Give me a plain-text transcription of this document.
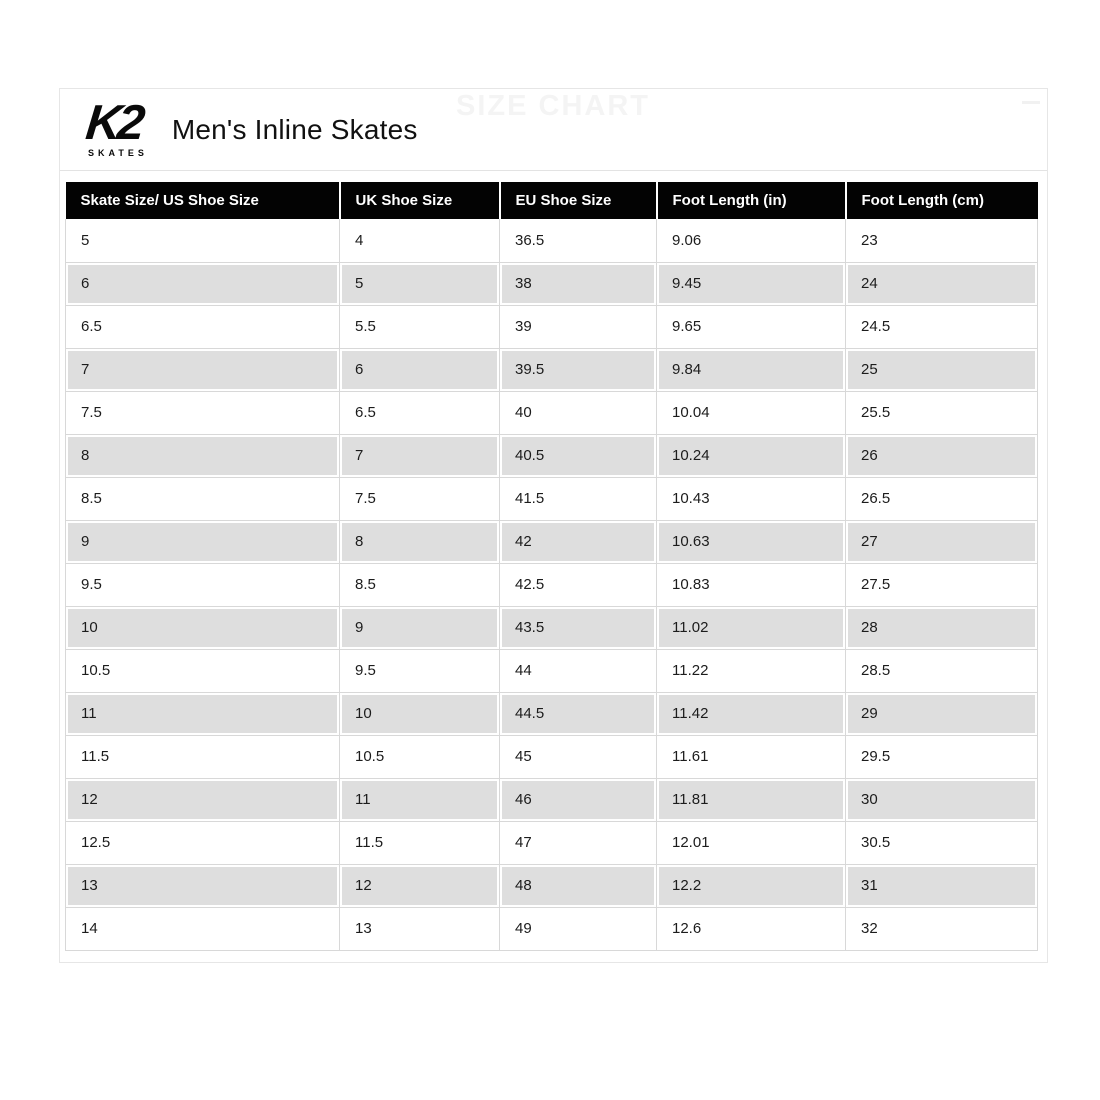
SIZE CHART
K2
SKATES
Men's Inline Skates
Skate Size/ US Shoe Size	UK Shoe Size	EU Shoe Size	Foot Length (in)	Foot Length (cm)
5	4	36.5	9.06	23
6	5	38	9.45	24
6.5	5.5	39	9.65	24.5
7	6	39.5	9.84	25
7.5	6.5	40	10.04	25.5
8	7	40.5	10.24	26
8.5	7.5	41.5	10.43	26.5
9	8	42	10.63	27
9.5	8.5	42.5	10.83	27.5
10	9	43.5	11.02	28
10.5	9.5	44	11.22	28.5
11	10	44.5	11.42	29
11.5	10.5	45	11.61	29.5
12	11	46	11.81	30
12.5	11.5	47	12.01	30.5
13	12	48	12.2	31
14	13	49	12.6	32
